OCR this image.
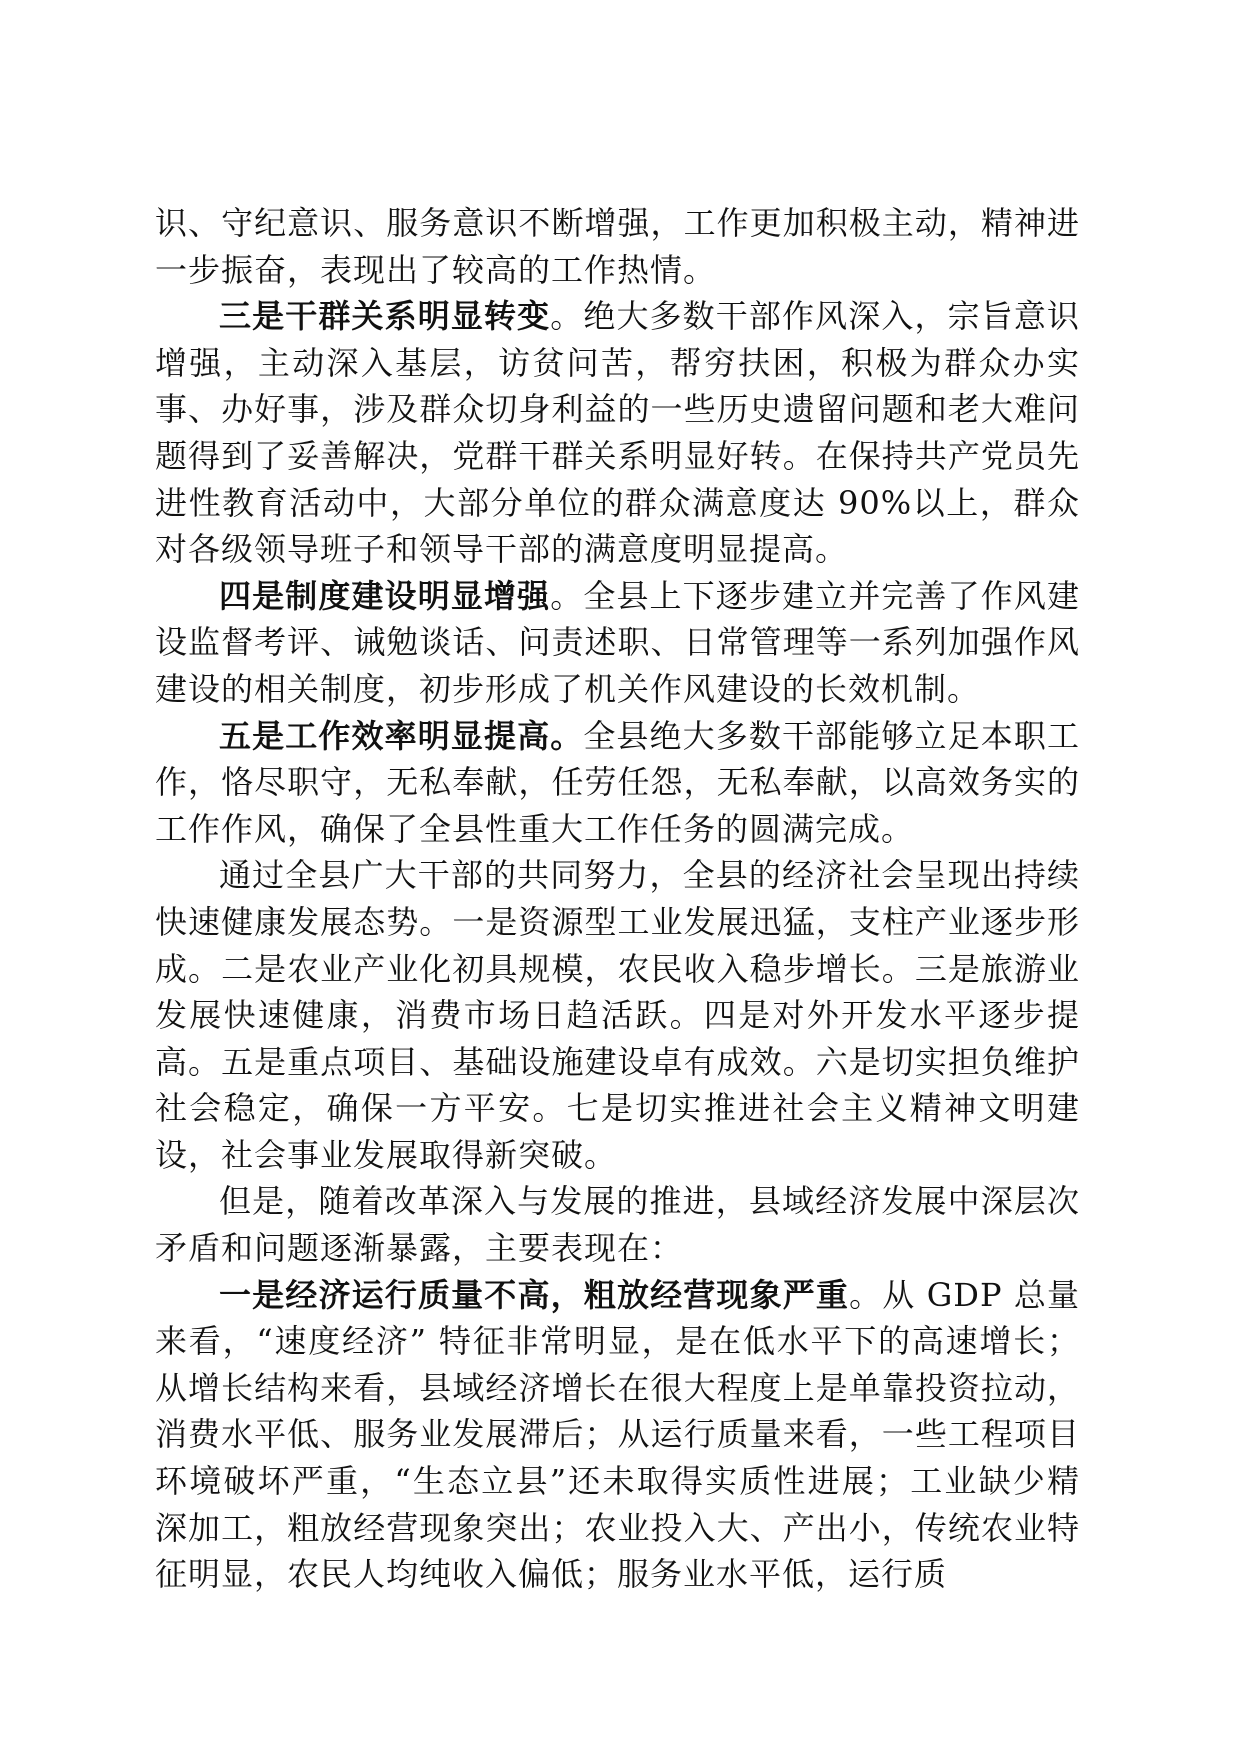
识、守纪意识、服务意识不断增强，工作更加积极主动，精神进一步振奋，表现出了较高的工作热情。

三是干群关系明显转变。绝大多数干部作风深入，宗旨意识增强，主动深入基层，访贫问苦，帮穷扶困，积极为群众办实事、办好事，涉及群众切身利益的一些历史遗留问题和老大难问题得到了妥善解决，党群干群关系明显好转。在保持共产党员先进性教育活动中，大部分单位的群众满意度达 90%以上，群众对各级领导班子和领导干部的满意度明显提高。

四是制度建设明显增强。全县上下逐步建立并完善了作风建设监督考评、诫勉谈话、问责述职、日常管理等一系列加强作风建设的相关制度，初步形成了机关作风建设的长效机制。

五是工作效率明显提高。全县绝大多数干部能够立足本职工作，恪尽职守，无私奉献，任劳任怨，无私奉献，以高效务实的工作作风，确保了全县性重大工作任务的圆满完成。

通过全县广大干部的共同努力，全县的经济社会呈现出持续快速健康发展态势。一是资源型工业发展迅猛，支柱产业逐步形成。二是农业产业化初具规模，农民收入稳步增长。三是旅游业发展快速健康，消费市场日趋活跃。四是对外开发水平逐步提高。五是重点项目、基础设施建设卓有成效。六是切实担负维护社会稳定，确保一方平安。七是切实推进社会主义精神文明建设，社会事业发展取得新突破。

但是，随着改革深入与发展的推进，县域经济发展中深层次矛盾和问题逐渐暴露，主要表现在：

一是经济运行质量不高，粗放经营现象严重。从 GDP 总量来看，“速度经济” 特征非常明显，是在低水平下的高速增长；从增长结构来看，县域经济增长在很大程度上是单靠投资拉动，消费水平低、服务业发展滞后；从运行质量来看，一些工程项目环境破坏严重，“生态立县”还未取得实质性进展；工业缺少精深加工，粗放经营现象突出；农业投入大、产出小，传统农业特征明显，农民人均纯收入偏低；服务业水平低，运行质
